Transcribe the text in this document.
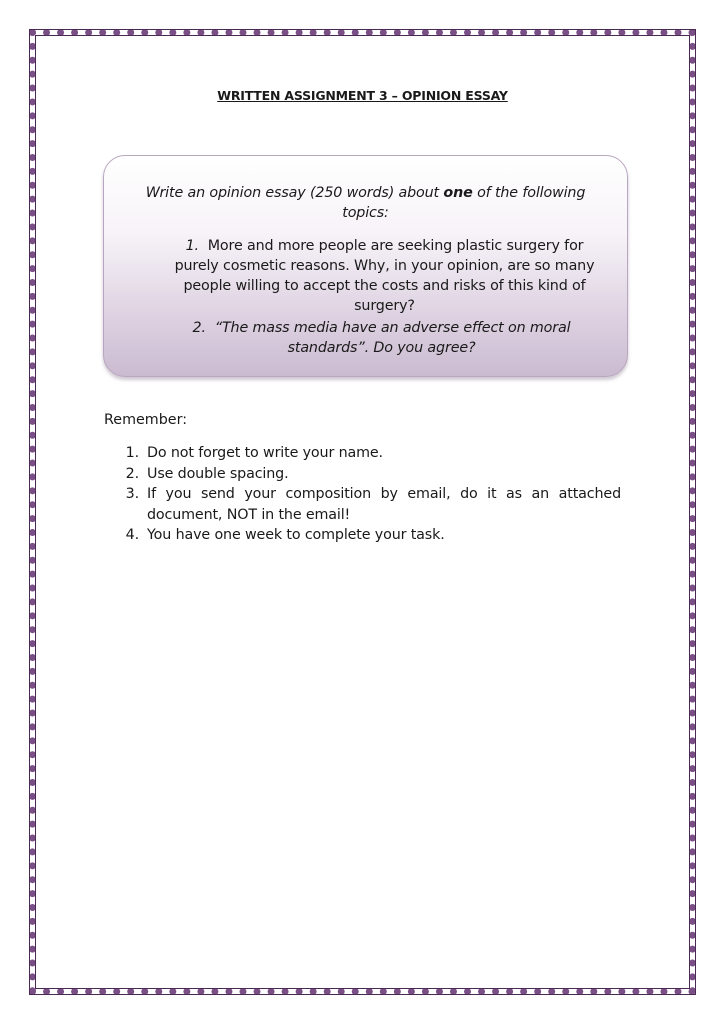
WRITTEN ASSIGNMENT 3 – OPINION ESSAY
Write an opinion essay (250 words) about one of the following topics:
1. More and more people are seeking plastic surgery for purely cosmetic reasons. Why, in your opinion, are so many people willing to accept the costs and risks of this kind of surgery?
2. “The mass media have an adverse effect on moral standards”. Do you agree?
Remember:
1. Do not forget to write your name.
2. Use double spacing.
3. If you send your composition by email, do it as an attached document, NOT in the email!
4. You have one week to complete your task.
